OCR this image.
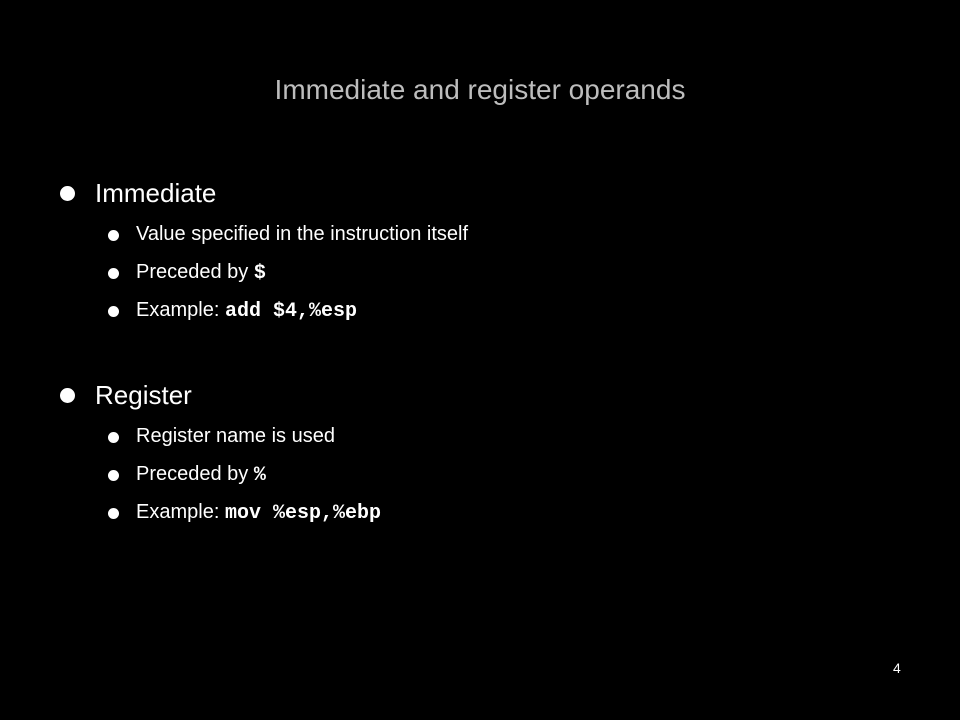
Immediate and register operands
Immediate
Value specified in the instruction itself
Preceded by $
Example: add $4,%esp
Register
Register name is used
Preceded by %
Example: mov %esp,%ebp
4
